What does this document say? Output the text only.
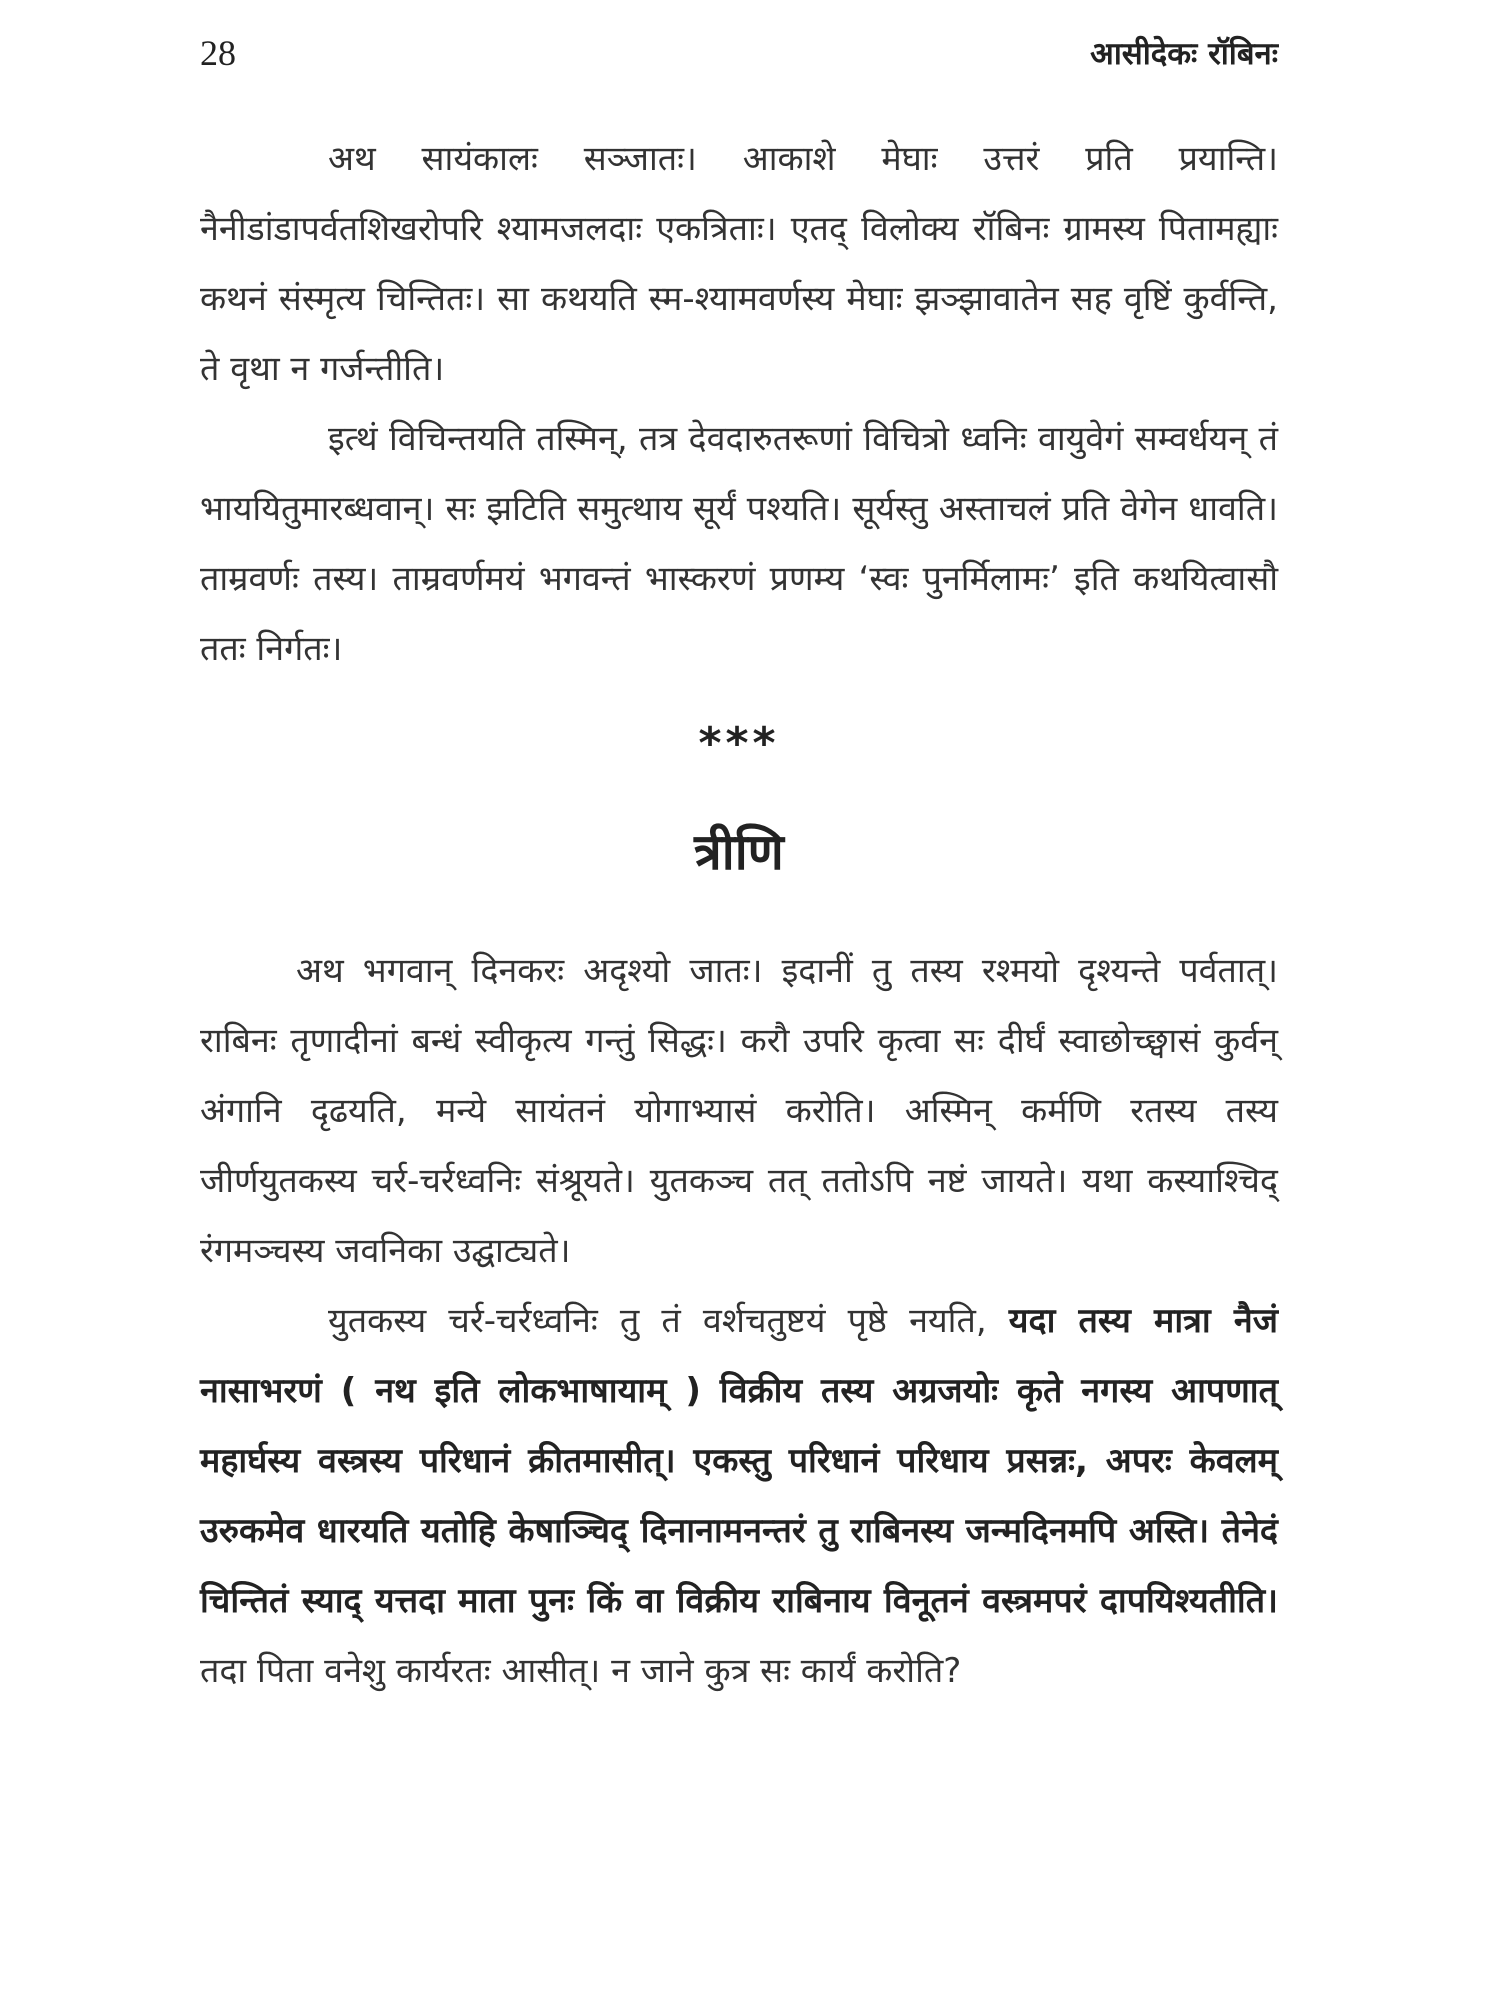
28	आसीदेकः रॉबिनः

अथ सायंकालः सञ्जातः। आकाशे मेघाः उत्तरं प्रति प्रयान्ति। नैनीडांडापर्वतशिखरोपरि श्यामजलदाः एकत्रिताः। एतद् विलोक्य रॉबिनः ग्रामस्य पितामह्याः कथनं संस्मृत्य चिन्तितः। सा कथयति स्म-श्यामवर्णस्य मेघाः झञ्झावातेन सह वृष्टिं कुर्वन्ति, ते वृथा न गर्जन्तीति।

इत्थं विचिन्तयति तस्मिन्, तत्र देवदारुतरूणां विचित्रो ध्वनिः वायुवेगं सम्वर्धयन् तं भाययितुमारब्धवान्। सः झटिति समुत्थाय सूर्यं पश्यति। सूर्यस्तु अस्ताचलं प्रति वेगेन धावति। ताम्रवर्णः तस्य। ताम्रवर्णमयं भगवन्तं भास्करणं प्रणम्य ‘स्वः पुनर्मिलामः’ इति कथयित्वासौ ततः निर्गतः।

***
त्रीणि

अथ भगवान् दिनकरः अदृश्यो जातः। इदानीं तु तस्य रश्मयो दृश्यन्ते पर्वतात्। राबिनः तृणादीनां बन्धं स्वीकृत्य गन्तुं सिद्धः। करौ उपरि कृत्वा सः दीर्घं स्वाछोच्छ्वासं कुर्वन् अंगानि दृढयति, मन्ये सायंतनं योगाभ्यासं करोति। अस्मिन् कर्मणि रतस्य तस्य जीर्णयुतकस्य चर्र-चर्रध्वनिः संश्रूयते। युतकञ्च तत् ततोऽपि नष्टं जायते। यथा कस्याश्चिद् रंगमञ्चस्य जवनिका उद्घाट्यते।

युतकस्य चर्र-चर्रध्वनिः तु तं वर्शचतुष्टयं पृष्ठे नयति, यदा तस्य मात्रा नैजं नासाभरणं ( नथ इति लोकभाषायाम् ) विक्रीय तस्य अग्रजयोः कृते नगस्य आपणात् महार्घस्य वस्त्रस्य परिधानं क्रीतमासीत्। एकस्तु परिधानं परिधाय प्रसन्नः, अपरः केवलम् उरुकमेव धारयति यतोहि केषाञ्चिद् दिनानामनन्तरं तु राबिनस्य जन्मदिनमपि अस्ति। तेनेदं चिन्तितं स्याद् यत्तदा माता पुनः किं वा विक्रीय राबिनाय विनूतनं वस्त्रमपरं दापयिश्यतीति। तदा पिता वनेशु कार्यरतः आसीत्। न जाने कुत्र सः कार्यं करोति?
